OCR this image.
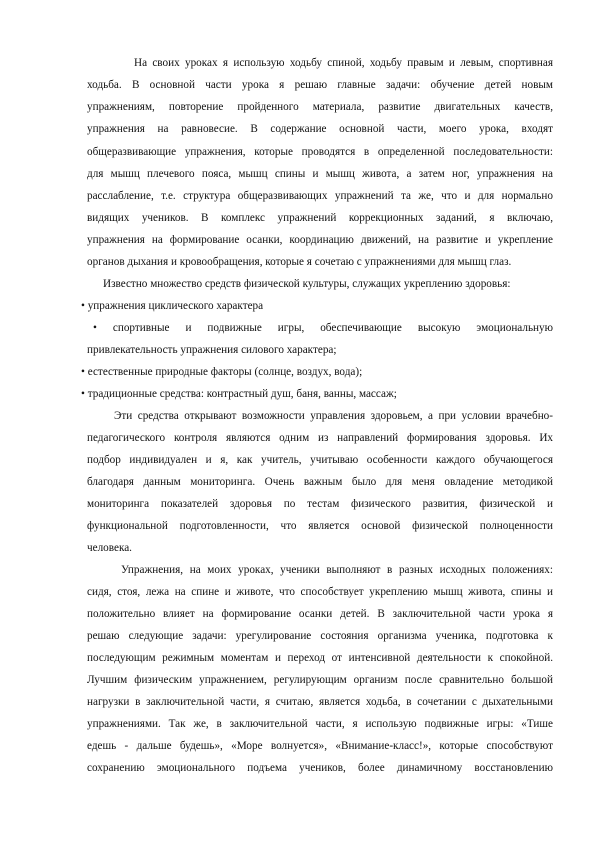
На своих уроках я использую ходьбу спиной, ходьбу правым и левым, спортивная
ходьба. В основной части урока я решаю главные задачи: обучение детей новым
упражнениям, повторение пройденного материала, развитие двигательных качеств,
упражнения на равновесие. В содержание основной части, моего урока, входят
общеразвивающие упражнения, которые проводятся в определенной последовательности:
для мышц плечевого пояса, мышц спины и мышц живота, а затем ног, упражнения на
расслабление, т.е. структура общеразвивающих упражнений та же, что и для нормально
видящих учеников. В комплекс упражнений коррекционных заданий, я включаю,
упражнения на формирование осанки, координацию движений, на развитие и укрепление
органов дыхания и кровообращения, которые я сочетаю с упражнениями для мышц глаз.
Известно множество средств физической культуры, служащих укреплению здоровья:
• упражнения циклического характера
• спортивные и подвижные игры, обеспечивающие высокую эмоциональную
привлекательность упражнения силового характера;
• естественные природные факторы (солнце, воздух, вода);
• традиционные средства: контрастный душ, баня, ванны, массаж;
Эти средства открывают возможности управления здоровьем, а при условии врачебно-
педагогического контроля являются одним из направлений формирования здоровья. Их
подбор индивидуален и я, как учитель, учитываю особенности каждого обучающегося
благодаря данным мониторинга. Очень важным было для меня овладение методикой
мониторинга показателей здоровья по тестам физического развития, физической и
функциональной подготовленности, что является основой физической полноценности
человека.
Упражнения, на моих уроках, ученики выполняют в разных исходных положениях:
сидя, стоя, лежа на спине и животе, что способствует укреплению мышц живота, спины и
положительно влияет на формирование осанки детей. В заключительной части урока я
решаю следующие задачи: урегулирование состояния организма ученика, подготовка к
последующим режимным моментам и переход от интенсивной деятельности к спокойной.
Лучшим физическим упражнением, регулирующим организм после сравнительно большой
нагрузки в заключительной части, я считаю, является ходьба, в сочетании с дыхательными
упражнениями. Так же, в заключительной части, я использую подвижные игры: «Тише
едешь - дальше будешь», «Море волнуется», «Внимание-класс!», которые способствуют
сохранению эмоционального подъема учеников, более динамичному восстановлению
